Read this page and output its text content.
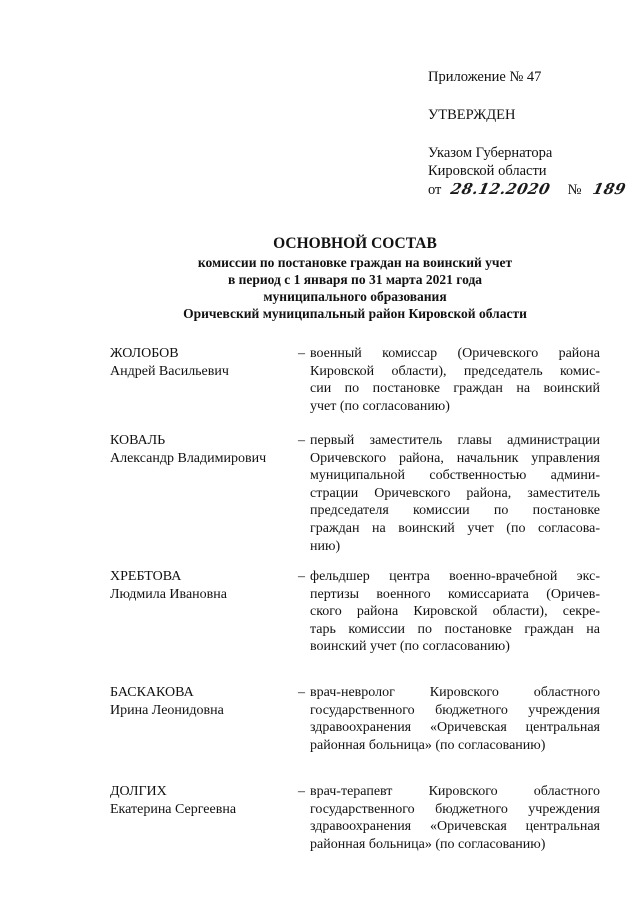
Приложение № 47
УТВЕРЖДЕН
Указом Губернатора
Кировской области
от 28.12.2020 № 189
ОСНОВНОЙ СОСТАВ
комиссии по постановке граждан на воинский учет
в период с 1 января по 31 марта 2021 года
муниципального образования
Оричевский муниципальный район Кировской области
ЖОЛОБОВ
Андрей Васильевич
– военный комиссар (Оричевского района
Кировской области), председатель комис-
сии по постановке граждан на воинский
учет (по согласованию)
КОВАЛЬ
Александр Владимирович
– первый заместитель главы администрации
Оричевского района, начальник управления
муниципальной собственностью админи-
страции Оричевского района, заместитель
председателя комиссии по постановке
граждан на воинский учет (по согласова-
нию)
ХРЕБТОВА
Людмила Ивановна
– фельдшер центра военно-врачебной экс-
пертизы военного комиссариата (Оричев-
ского района Кировской области), секре-
тарь комиссии по постановке граждан на
воинский учет (по согласованию)
БАСКАКОВА
Ирина Леонидовна
– врач-невролог Кировского областного
государственного бюджетного учреждения
здравоохранения «Оричевская центральная
районная больница» (по согласованию)
ДОЛГИХ
Екатерина Сергеевна
– врач-терапевт Кировского областного
государственного бюджетного учреждения
здравоохранения «Оричевская центральная
районная больница» (по согласованию)
